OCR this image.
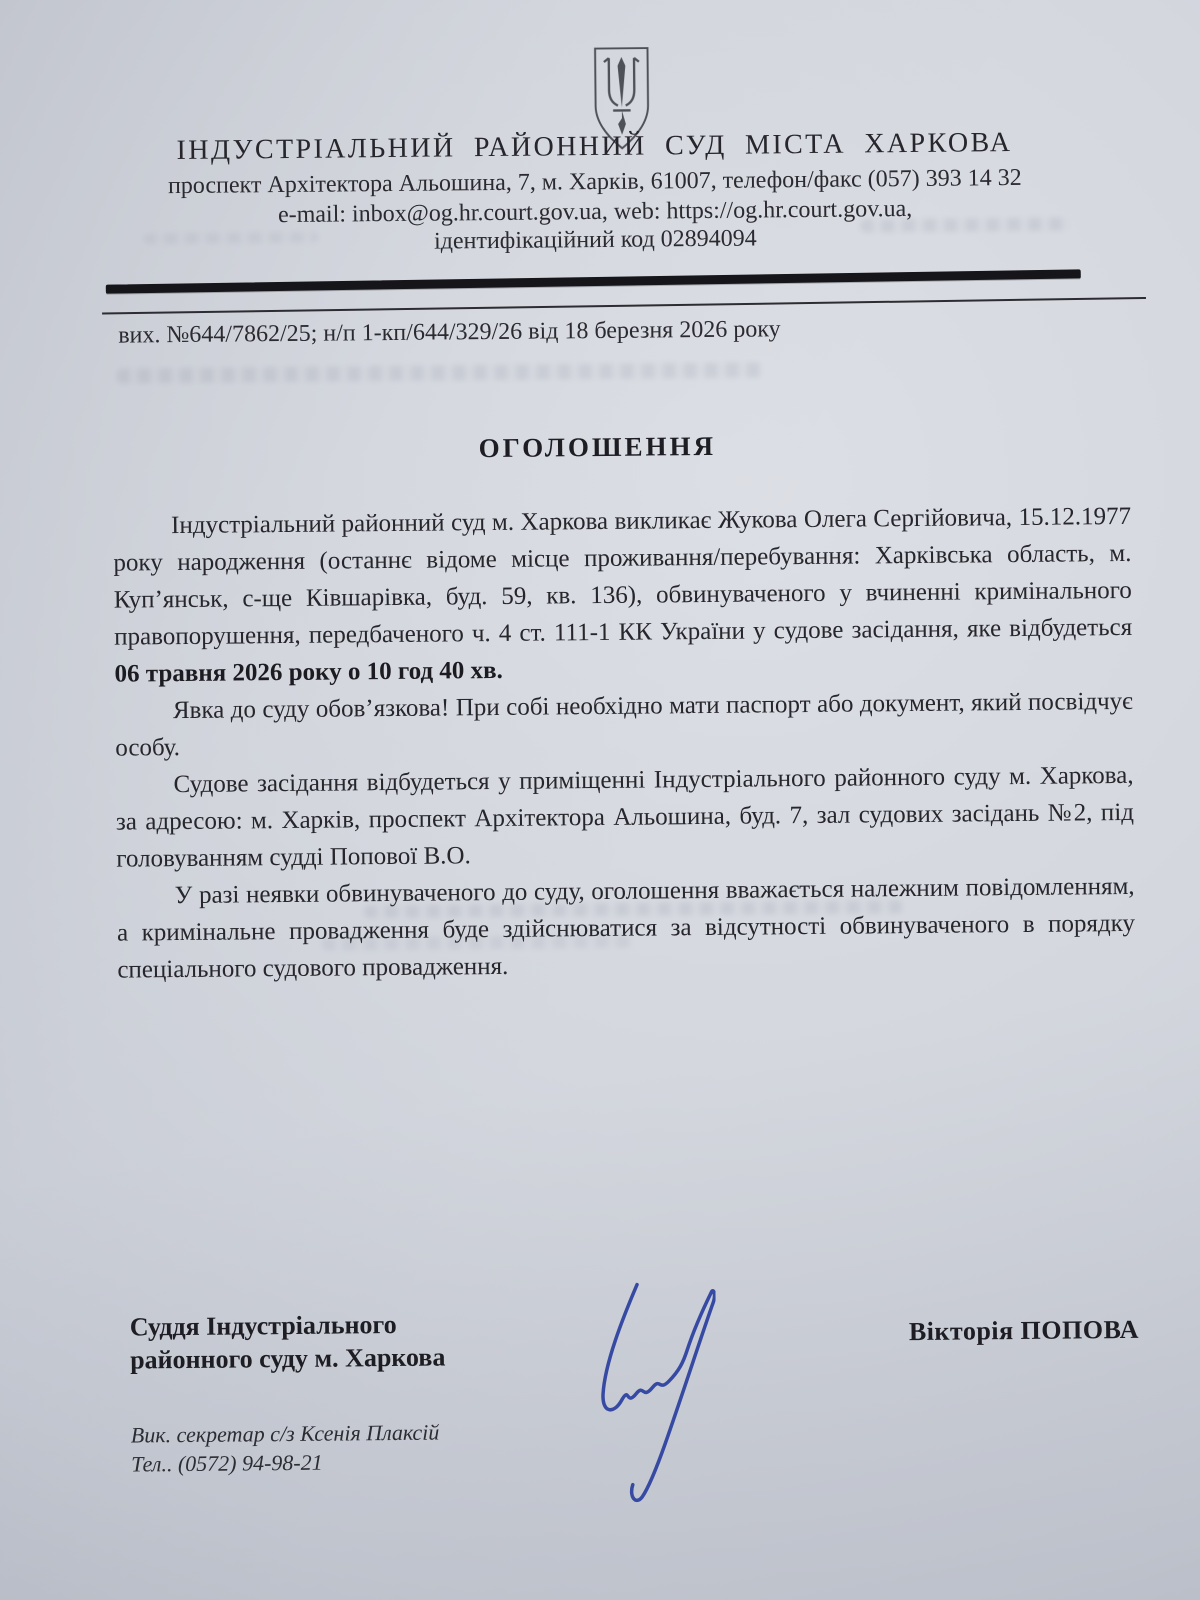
ІНДУСТРІАЛЬНИЙ РАЙОННИЙ СУД МІСТА ХАРКОВА
проспект Архітектора Альошина, 7, м. Харків, 61007, телефон/факс (057) 393 14 32
e-mail: inbox@og.hr.court.gov.ua, web: https://og.hr.court.gov.ua,
ідентифікаційний код 02894094
вих. №644/7862/25; н/п 1-кп/644/329/26 від 18 березня 2026 року
ОГОЛОШЕННЯ

Індустріальний районний суд м. Харкова викликає Жукова Олега Сергійовича, 15.12.1977 року народження (останнє відоме місце проживання/перебування: Харківська область, м. Куп’янськ, с-ще Ківшарівка, буд. 59, кв. 136), обвинуваченого у вчиненні кримінального правопорушення, передбаченого ч. 4 ст. 111-1 КК України у судове засідання, яке відбудеться 06 травня 2026 року о 10 год 40 хв.

Явка до суду обов’язкова! При собі необхідно мати паспорт або документ, який посвідчує особу.

Судове засідання відбудеться у приміщенні Індустріального районного суду м. Харкова, за адресою: м. Харків, проспект Архітектора Альошина, буд. 7, зал судових засідань №2, під головуванням судді Попової В.О.

У разі неявки обвинуваченого до суду, оголошення вважається належним повідомленням, а кримінальне провадження буде здійснюватися за відсутності обвинуваченого в порядку спеціального судового провадження.

Суддя Індустріального районного суду м. Харкова
Вікторія ПОПОВА
Вик. секретар с/з Ксенія Плаксій
Тел.. (0572) 94-98-21
